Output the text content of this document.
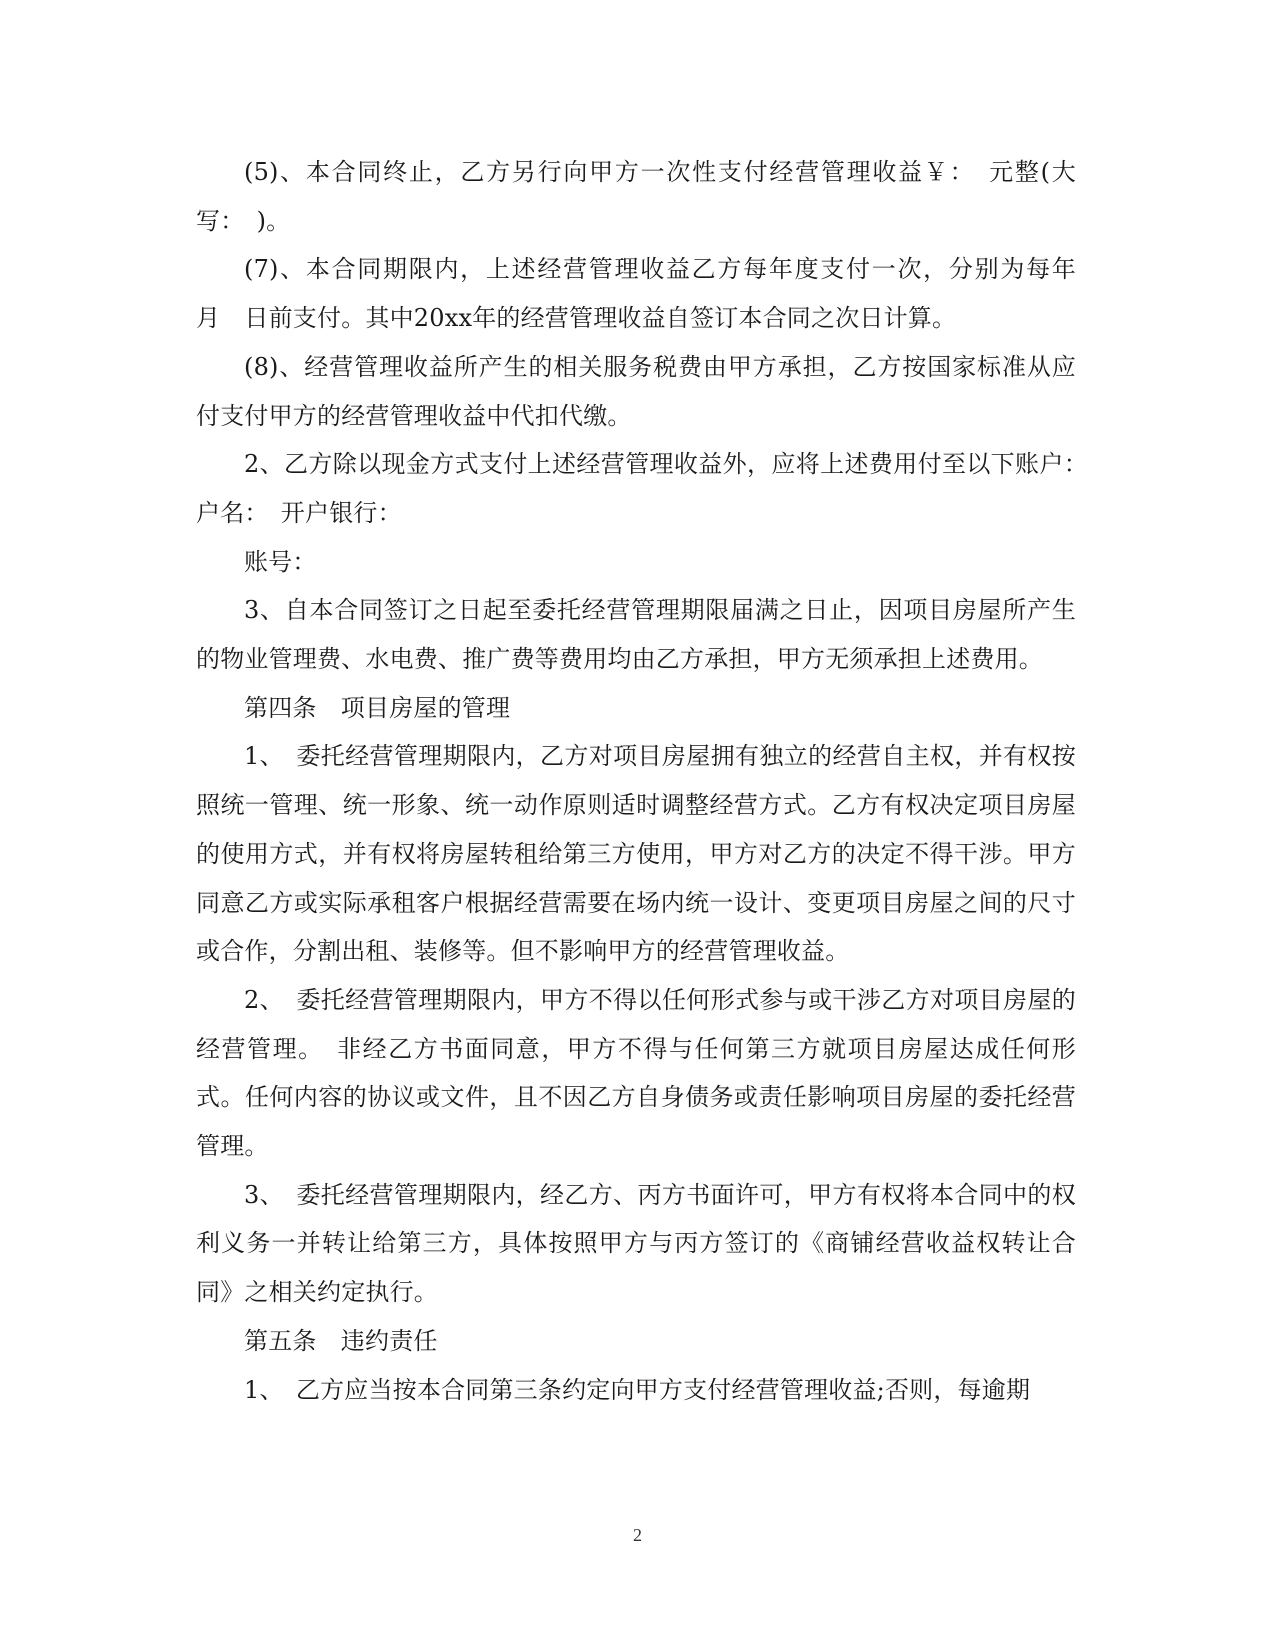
(5)、本合同终止，乙方另行向甲方一次性支付经营管理收益￥：　元整(大写：　)。

(7)、本合同期限内，上述经营管理收益乙方每年度支付一次，分别为每年　月　日前支付。其中20xx年的经营管理收益自签订本合同之次日计算。

(8)、经营管理收益所产生的相关服务税费由甲方承担，乙方按国家标准从应付支付甲方的经营管理收益中代扣代缴。

2、乙方除以现金方式支付上述经营管理收益外，应将上述费用付至以下账户：　户名：　开户银行：

账号：

3、自本合同签订之日起至委托经营管理期限届满之日止，因项目房屋所产生的物业管理费、水电费、推广费等费用均由乙方承担，甲方无须承担上述费用。

第四条　项目房屋的管理

1、　委托经营管理期限内，乙方对项目房屋拥有独立的经营自主权，并有权按照统一管理、统一形象、统一动作原则适时调整经营方式。乙方有权决定项目房屋的使用方式，并有权将房屋转租给第三方使用，甲方对乙方的决定不得干涉。甲方同意乙方或实际承租客户根据经营需要在场内统一设计、变更项目房屋之间的尺寸或合作，分割出租、装修等。但不影响甲方的经营管理收益。

2、　委托经营管理期限内，甲方不得以任何形式参与或干涉乙方对项目房屋的经营管理。　非经乙方书面同意，甲方不得与任何第三方就项目房屋达成任何形式。任何内容的协议或文件，且不因乙方自身债务或责任影响项目房屋的委托经营管理。

3、　委托经营管理期限内，经乙方、丙方书面许可，甲方有权将本合同中的权利义务一并转让给第三方，具体按照甲方与丙方签订的《商铺经营收益权转让合同》之相关约定执行。

第五条　违约责任

1、　乙方应当按本合同第三条约定向甲方支付经营管理收益;否则，每逾期

2
